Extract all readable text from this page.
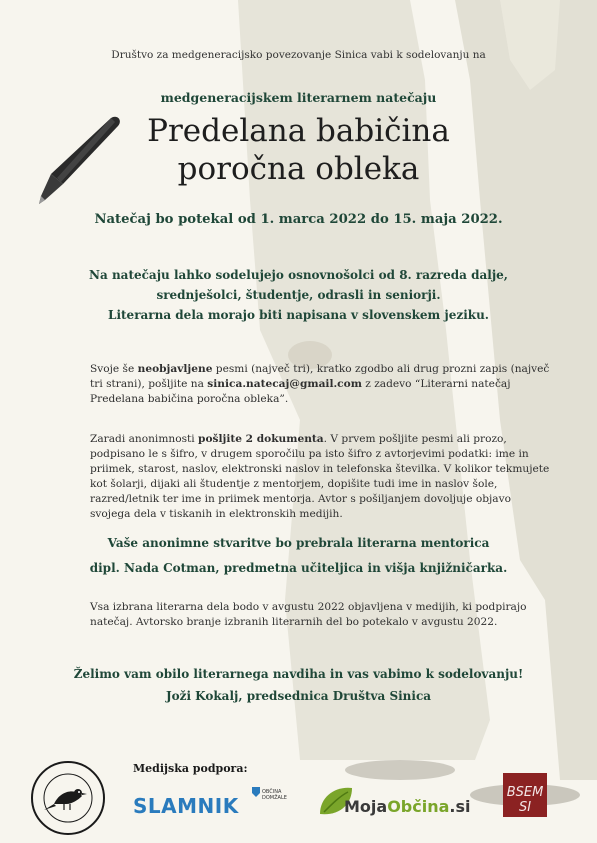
Društvo za medgeneracijsko povezovanje Sinica vabi k sodelovanju na
medgeneracijskem literarnem natečaju
Predelana babičina
poročna obleka
Natečaj bo potekal od 1. marca 2022 do 15. maja 2022.
Na natečaju lahko sodelujejo osnovnošolci od 8. razreda dalje,
srednješolci, študentje, odrasli in seniorji.
Literarna dela morajo biti napisana v slovenskem jeziku.
Svoje še neobjavljene pesmi (največ tri), kratko zgodbo ali drug prozni zapis (največ tri strani), pošljite na sinica.natecaj@gmail.com z zadevo “Literarni natečaj Predelana babičina poročna obleka”.
Zaradi anonimnosti pošljite 2 dokumenta. V prvem pošljite pesmi ali prozo, podpisano le s šifro, v drugem sporočilu pa isto šifro z avtorjevimi podatki: ime in priimek, starost, naslov, elektronski naslov in telefonska številka. V kolikor tekmujete kot šolarji, dijaki ali študentje z mentorjem, dopišite tudi ime in naslov šole, razred/letnik ter ime in priimek mentorja. Avtor s pošiljanjem dovoljuje objavo svojega dela v tiskanih in elektronskih medijih.
Vaše anonimne stvaritve bo prebrala literarna mentorica
dipl. Nada Cotman, predmetna učiteljica in višja knjižničarka.
Vsa izbrana literarna dela bodo v avgustu 2022 objavljena v medijih, ki podpirajo natečaj. Avtorsko branje izbranih literarnih del bo potekalo v avgustu 2022.
Želimo vam obilo literarnega navdiha in vas vabimo k sodelovanju!
Joži Kokalj, predsednica Društva Sinica
Medijska podpora:
SLAMNIK
OBČINA DOMŽALE	MojaObčina.si
BSEM SI
